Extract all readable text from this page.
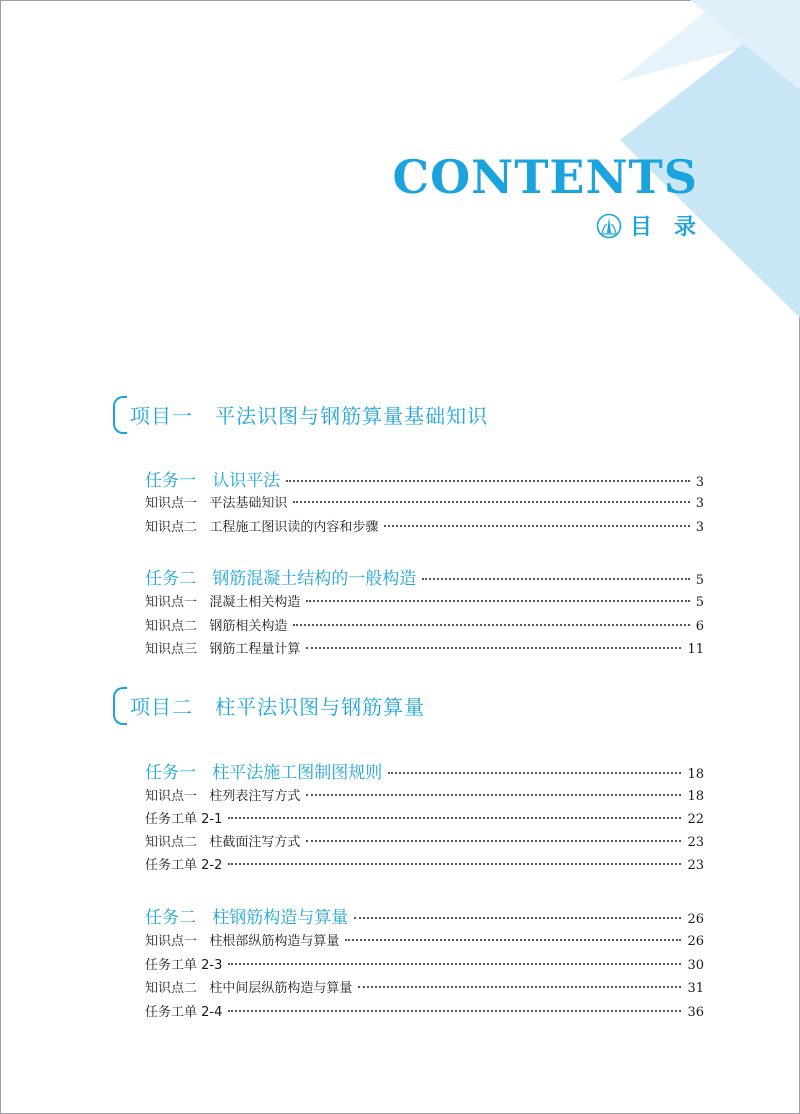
CONTENTS
目录
项目一   平法识图与钢筋算量基础知识
任务一   认识平法	3
知识点一   平法基础知识	3
知识点二   工程施工图识读的内容和步骤	3
任务二   钢筋混凝土结构的一般构造	5
知识点一   混凝土相关构造	5
知识点二   钢筋相关构造	6
知识点三   钢筋工程量计算	11
项目二   柱平法识图与钢筋算量
任务一   柱平法施工图制图规则	18
知识点一   柱列表注写方式	18
任务工单 2-1	22
知识点二   柱截面注写方式	23
任务工单 2-2	23
任务二   柱钢筋构造与算量	26
知识点一   柱根部纵筋构造与算量	26
任务工单 2-3	30
知识点二   柱中间层纵筋构造与算量	31
任务工单 2-4	36
